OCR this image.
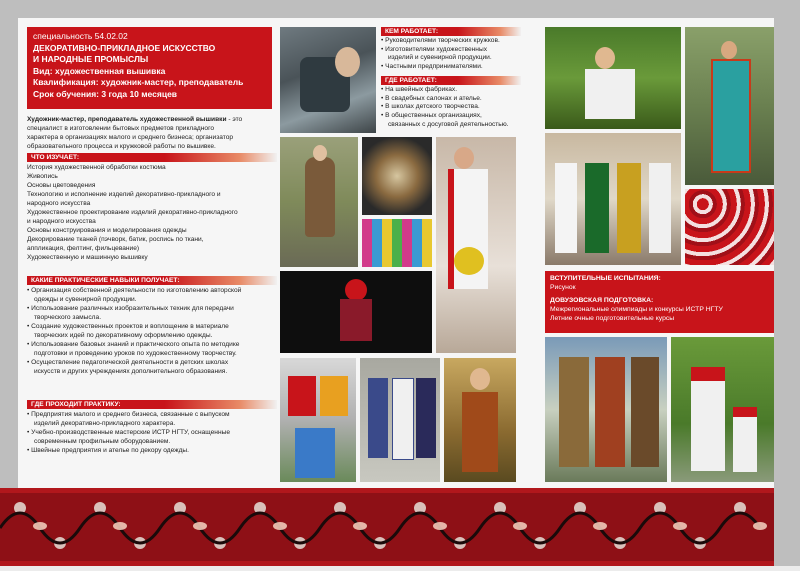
специальность 54.02.02
ДЕКОРАТИВНО-ПРИКЛАДНОЕ ИСКУССТВО
И НАРОДНЫЕ ПРОМЫСЛЫ
Вид: художественная вышивка
Квалификация: художник-мастер, преподаватель
Срок обучения: 3 года 10 месяцев
Художник-мастер, преподаватель художественной вышивки - это
специалист в изготовлении бытовых предметов прикладного
характера в организациях малого и среднего бизнеса; организатор
образовательного процесса и кружковой работы по вышивке.
ЧТО ИЗУЧАЕТ:
История художественной обработки костюма
Живопись
Основы цветоведения
Технологию и исполнение изделий декоративно-прикладного и
народного искусства
Художественное проектирование изделий декоративно-прикладного
и народного искусства
Основы конструирования и моделирования одежды
Декорирование тканей (пэчворк, батик, роспись по ткани,
аппликация, фелтинг, фильцевание)
Художественную и машинную вышивку
КАКИЕ ПРАКТИЧЕСКИЕ НАВЫКИ ПОЛУЧАЕТ:
• Организация собственной деятельности по изготовлению авторской
одежды и сувенирной продукции.
• Использование различных изобразительных техник для передачи
творческого замысла.
• Создание художественных проектов и воплощение в материале
творческих идей по декоративному оформлению одежды.
• Использование базовых знаний и практического опыта по методике
подготовки и проведению уроков по художественному творчеству.
• Осуществление педагогической деятельности в детских школах
искусств и других учреждениях дополнительного образования.
ГДЕ ПРОХОДИТ ПРАКТИКУ:
• Предприятия малого и среднего бизнеса, связанные с выпуском
изделий декоративно-прикладного характера.
• Учебно-производственные мастерские ИСТР НГТУ, оснащенные
современным профильным оборудованием.
• Швейные предприятия и ателье по декору одежды.
КЕМ РАБОТАЕТ:
• Руководителями творческих кружков.
• Изготовителями художественных
изделий и сувенирной продукции.
• Частными предпринимателями.
ГДЕ РАБОТАЕТ:
• На швейных фабриках.
• В свадебных салонах и ателье.
• В школах детского творчества.
• В общественных организациях,
связанных с досуговой деятельностью.
ВСТУПИТЕЛЬНЫЕ ИСПЫТАНИЯ:
Рисунок
ДОВУЗОВСКАЯ ПОДГОТОВКА:
Межрегиональные олимпиады и конкурсы ИСТР НГТУ
Летние очные подготовительные курсы
